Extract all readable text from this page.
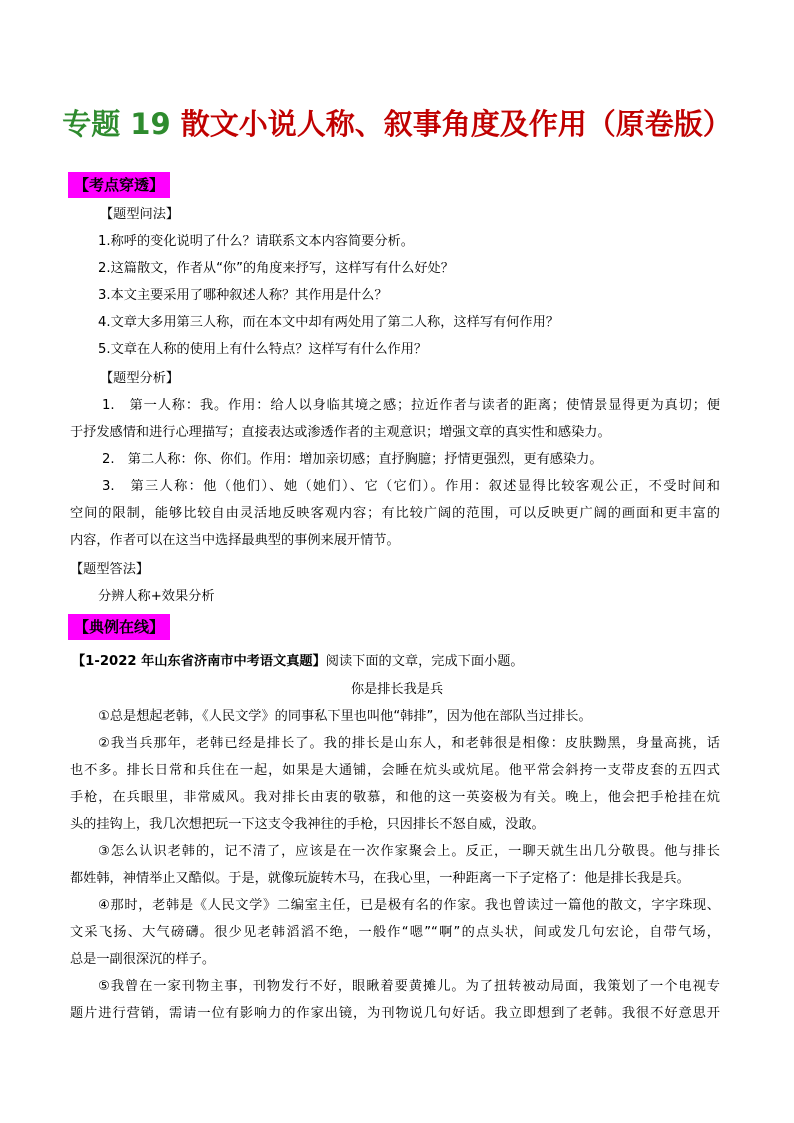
专题 19 散文小说人称、叙事角度及作用（原卷版）
【考点穿透】
【题型问法】
1.称呼的变化说明了什么？请联系文本内容简要分析。
2.这篇散文，作者从“你”的角度来抒写，这样写有什么好处？
3.本文主要采用了哪种叙述人称？其作用是什么？
4.文章大多用第三人称，而在本文中却有两处用了第二人称，这样写有何作用？
5.文章在人称的使用上有什么特点？这样写有什么作用？
【题型分析】
1.　第一人称：我。作用：给人以身临其境之感；拉近作者与读者的距离；使情景显得更为真切；便
于抒发感情和进行心理描写；直接表达或渗透作者的主观意识；增强文章的真实性和感染力。
2.　第二人称：你、你们。作用：增加亲切感；直抒胸臆；抒情更强烈，更有感染力。
3.　第三人称：他（他们）、她（她们）、它（它们）。作用：叙述显得比较客观公正，不受时间和
空间的限制，能够比较自由灵活地反映客观内容；有比较广阔的范围，可以反映更广阔的画面和更丰富的
内容，作者可以在这当中选择最典型的事例来展开情节。
【题型答法】
分辨人称+效果分析
【典例在线】
【1-2022 年山东省济南市中考语文真题】阅读下面的文章，完成下面小题。
你是排长我是兵
①总是想起老韩，《人民文学》的同事私下里也叫他“韩排”，因为他在部队当过排长。
②我当兵那年，老韩已经是排长了。我的排长是山东人，和老韩很是相像：皮肤黝黑，身量高挑，话
也不多。排长日常和兵住在一起，如果是大通铺，会睡在炕头或炕尾。他平常会斜挎一支带皮套的五四式
手枪，在兵眼里，非常威风。我对排长由衷的敬慕，和他的这一英姿极为有关。晚上，他会把手枪挂在炕
头的挂钩上，我几次想把玩一下这支令我神往的手枪，只因排长不怒自威，没敢。
③怎么认识老韩的，记不清了，应该是在一次作家聚会上。反正，一聊天就生出几分敬畏。他与排长
都姓韩，神情举止又酷似。于是，就像玩旋转木马，在我心里，一种距离一下子定格了：他是排长我是兵。
④那时，老韩是《人民文学》二编室主任，已是极有名的作家。我也曾读过一篇他的散文，字字珠现、
文采飞扬、大气磅礴。很少见老韩滔滔不绝，一般作“嗯”“啊”的点头状，间或发几句宏论，自带气场，
总是一副很深沉的样子。
⑤我曾在一家刊物主事，刊物发行不好，眼瞅着要黄摊儿。为了扭转被动局面，我策划了一个电视专
题片进行营销，需请一位有影响力的作家出镜，为刊物说几句好话。我立即想到了老韩。我很不好意思开
